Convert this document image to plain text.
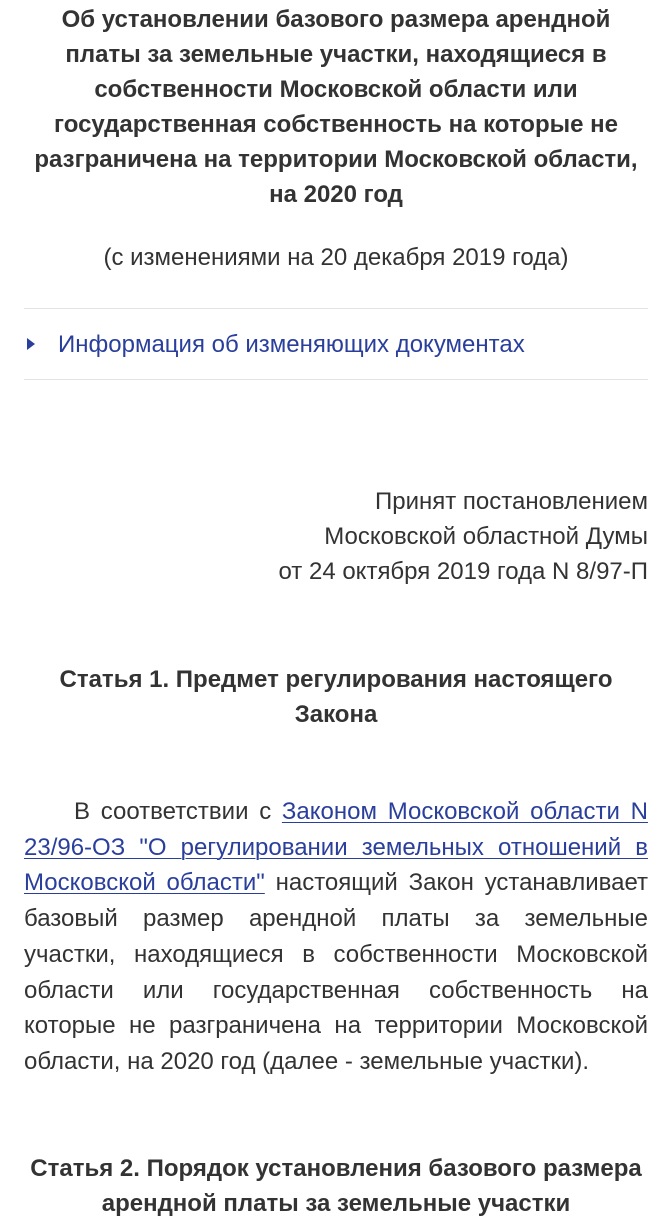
Об установлении базового размера арендной платы за земельные участки, находящиеся в собственности Московской области или государственная собственность на которые не разграничена на территории Московской области, на 2020 год
(с изменениями на 20 декабря 2019 года)
Информация об изменяющих документах
Принят постановлением
Московской областной Думы
от 24 октября 2019 года N 8/97-П
Статья 1. Предмет регулирования настоящего Закона

В соответствии с Законом Московской области N 23/96-ОЗ "О регулировании земельных отношений в Московской области" настоящий Закон устанавливает базовый размер арендной платы за земельные участки, находящиеся в собственности Московской области или государственная собственность на которые не разграничена на территории Московской области, на 2020 год (далее - земельные участки).

Статья 2. Порядок установления базового размера арендной платы за земельные участки
